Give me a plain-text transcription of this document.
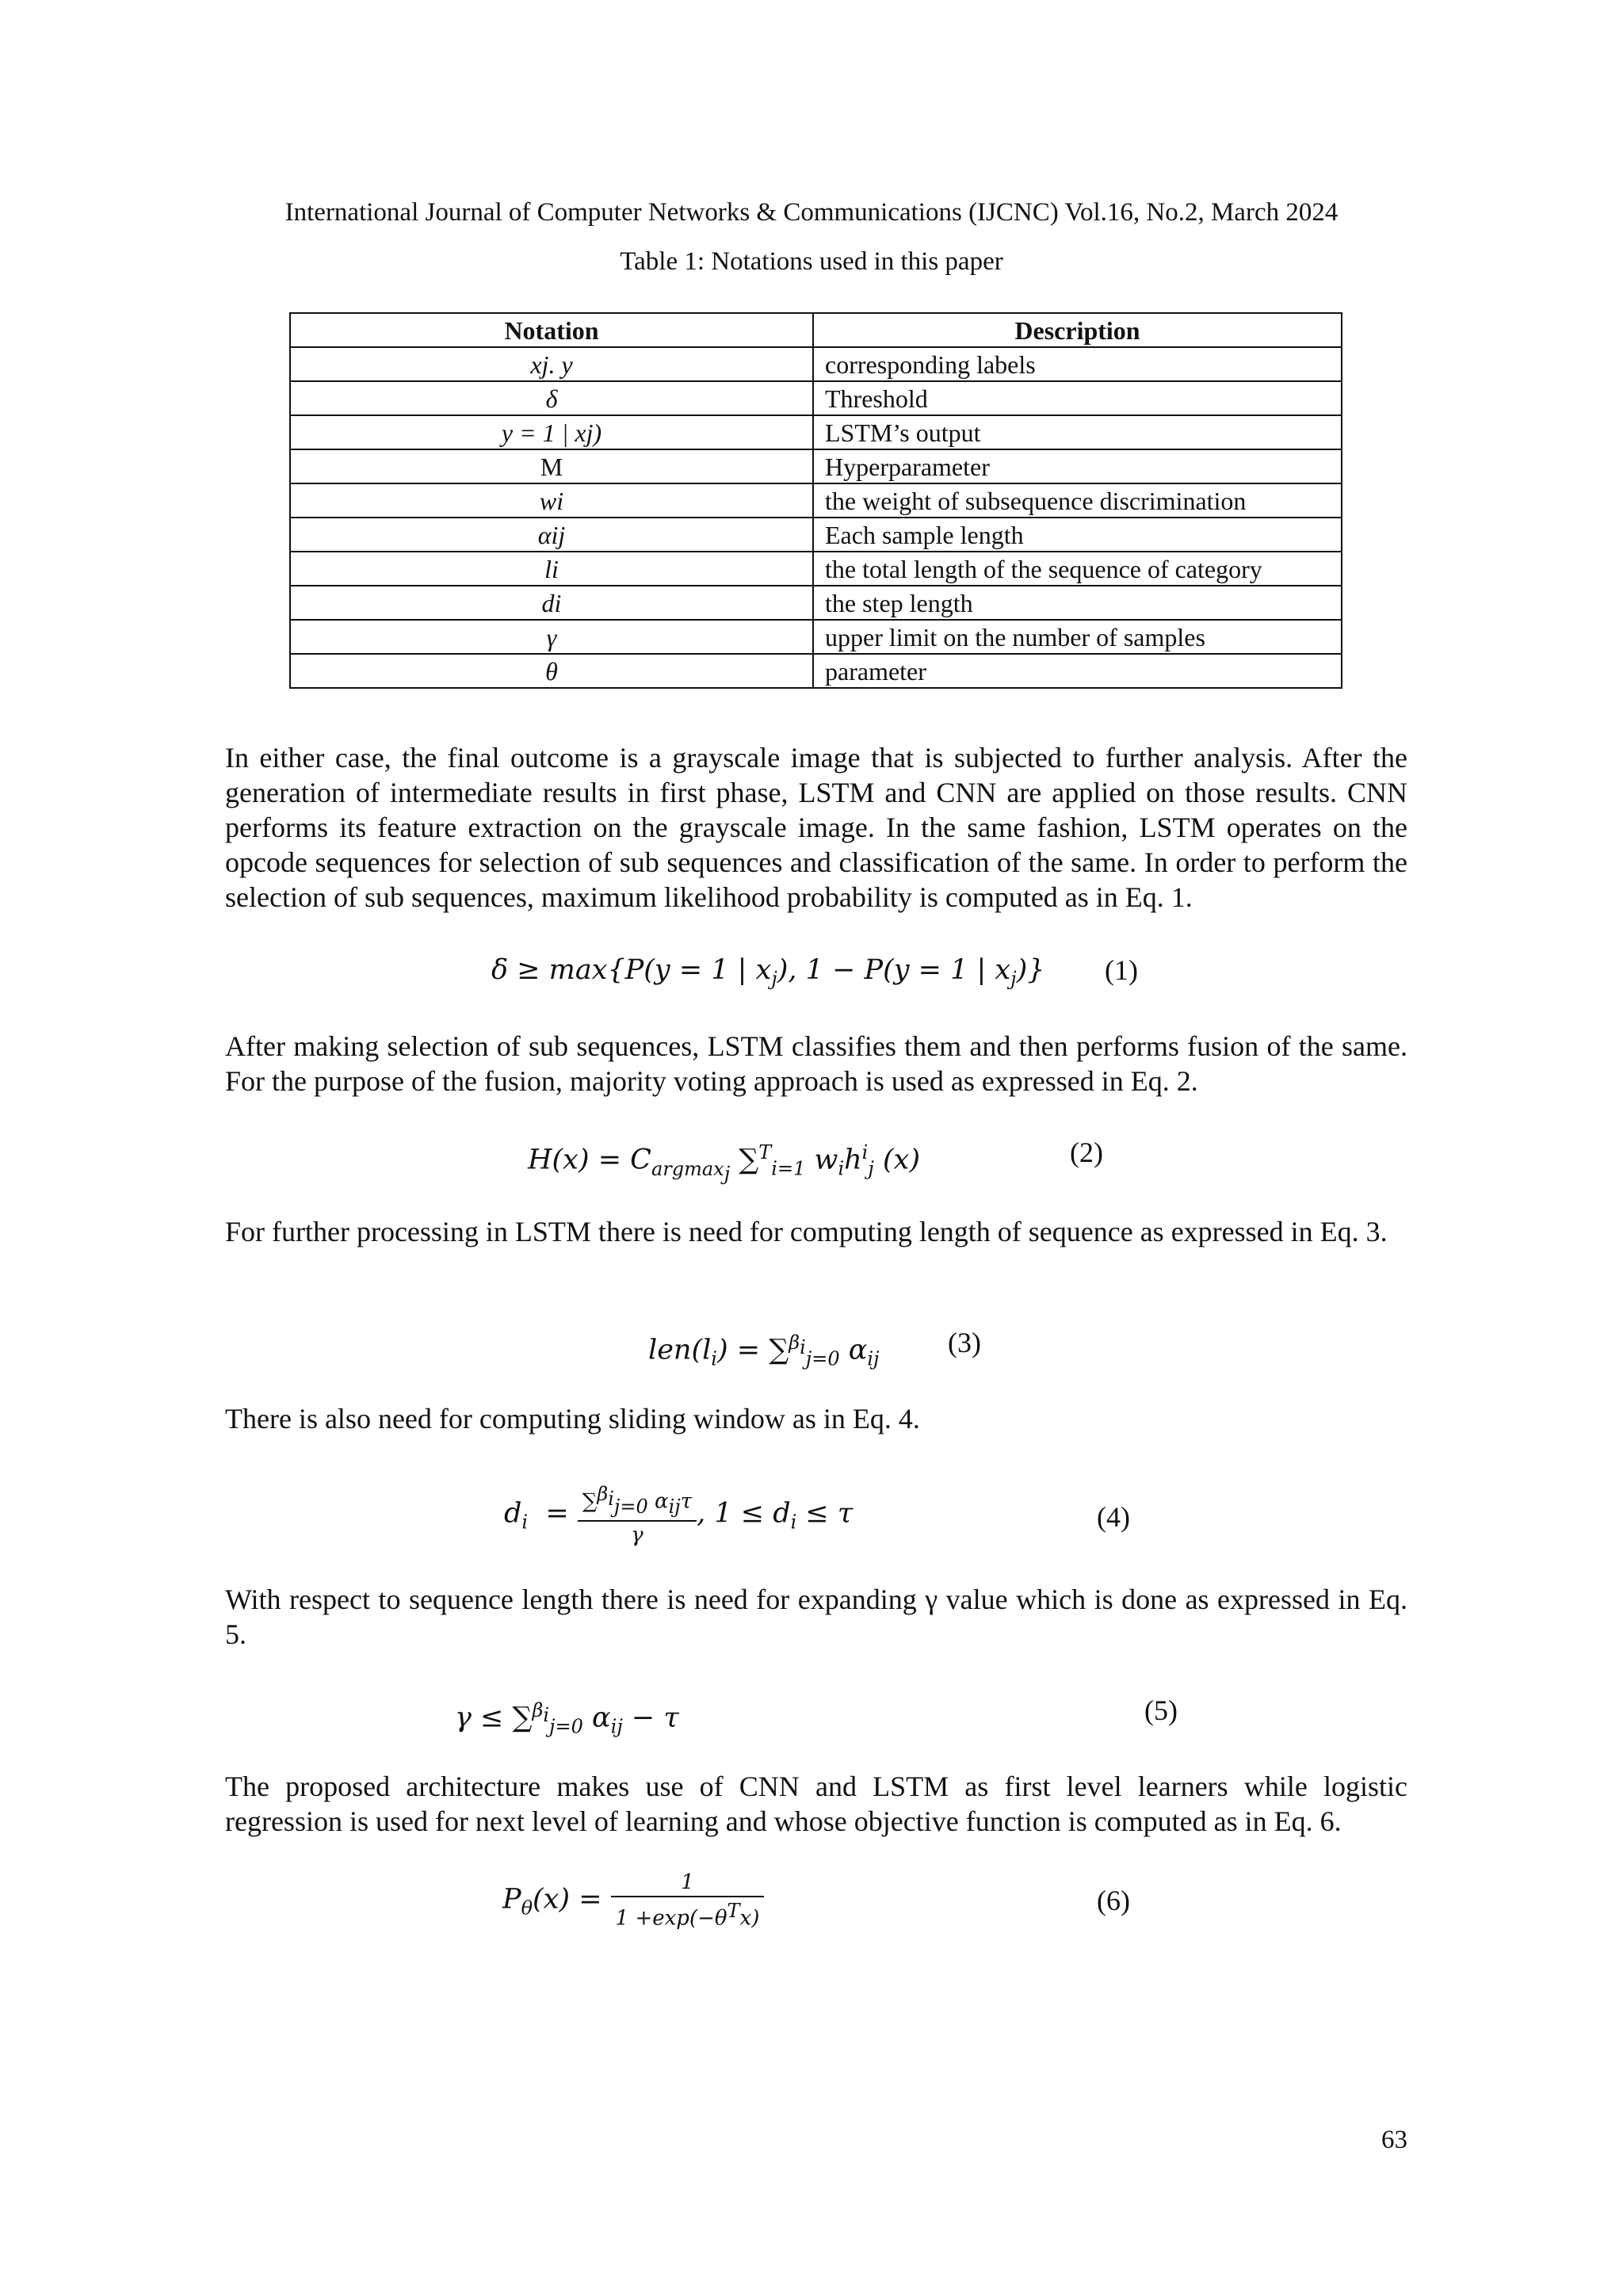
International Journal of Computer Networks & Communications (IJCNC) Vol.16, No.2, March 2024
Table 1: Notations used in this paper
Notation	Description
xj. y	corresponding labels
δ	Threshold
y = 1 | xj)	LSTM’s output
M	Hyperparameter
wi	the weight of subsequence discrimination
αij	Each sample length
li	the total length of the sequence of category
di	the step length
γ	upper limit on the number of samples
θ	parameter

In either case, the final outcome is a grayscale image that is subjected to further analysis. After the generation of intermediate results in first phase, LSTM and CNN are applied on those results. CNN performs its feature extraction on the grayscale image. In the same fashion, LSTM operates on the opcode sequences for selection of sub sequences and classification of the same. In order to perform the selection of sub sequences, maximum likelihood probability is computed as in Eq. 1.

δ ≥ max{P(y = 1 | $x_j$), 1 − P(y = 1 | $x_j$)} (1)

After making selection of sub sequences, LSTM classifies them and then performs fusion of the same. For the purpose of the fusion, majority voting approach is used as expressed in Eq. 2.

$H(x) = C_{argmax_j}$ ∑$^T_{i=1}$ $w_ih^i_j$ (x)	(2)

For further processing in LSTM there is need for computing length of sequence as expressed in Eq. 3.

$len(l_i) = \sum^{\beta_i}_{j=0}$ $\alpha_{ij}$
(3)

There is also need for computing sliding window as in Eq. 4.

$d_i = \frac{\sum^{\beta_i}_{j=0} \alpha_{ij}\tau}{\gamma}$ , $1 \le d_i \le \tau$	(4)

With respect to sequence length there is need for expanding γ value which is done as expressed in Eq. 5.

γ ≤ ∑$^{\beta_i}_{j=0}$ $\alpha_{ij} - \tau$	(5)

The proposed architecture makes use of CNN and LSTM as first level learners while logistic regression is used for next level of learning and whose objective function is computed as in Eq. 6.

$P_\theta(x) = \frac{1}{1 +\exp(-\theta^Tx)}$	(6)
63
